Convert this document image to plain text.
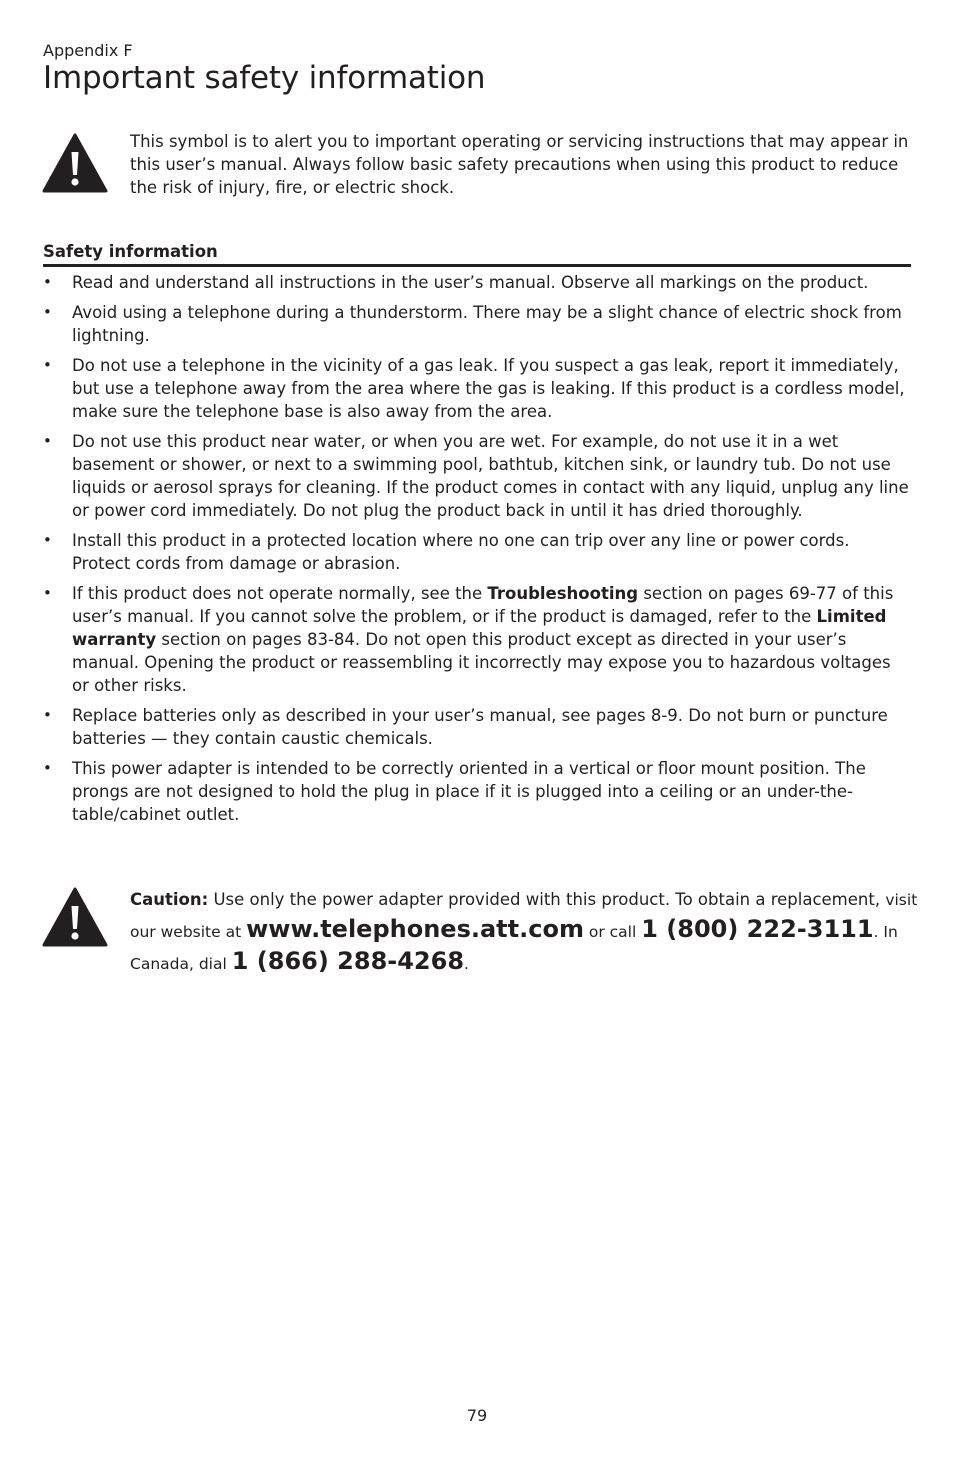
Appendix F
Important safety information

This symbol is to alert you to important operating or servicing instructions that may appear in this user’s manual. Always follow basic safety precautions when using this product to reduce the risk of injury, fire, or electric shock.

Safety information
• Read and understand all instructions in the user’s manual. Observe all markings on the product.
• Avoid using a telephone during a thunderstorm. There may be a slight chance of electric shock from lightning.
• Do not use a telephone in the vicinity of a gas leak. If you suspect a gas leak, report it immediately, but use a telephone away from the area where the gas is leaking. If this product is a cordless model, make sure the telephone base is also away from the area.
• Do not use this product near water, or when you are wet. For example, do not use it in a wet basement or shower, or next to a swimming pool, bathtub, kitchen sink, or laundry tub. Do not use liquids or aerosol sprays for cleaning. If the product comes in contact with any liquid, unplug any line or power cord immediately. Do not plug the product back in until it has dried thoroughly.
• Install this product in a protected location where no one can trip over any line or power cords. Protect cords from damage or abrasion.
• If this product does not operate normally, see the Troubleshooting section on pages 69-77 of this user’s manual. If you cannot solve the problem, or if the product is damaged, refer to the Limited warranty section on pages 83-84. Do not open this product except as directed in your user’s manual. Opening the product or reassembling it incorrectly may expose you to hazardous voltages or other risks.
• Replace batteries only as described in your user’s manual, see pages 8-9. Do not burn or puncture batteries — they contain caustic chemicals.
• This power adapter is intended to be correctly oriented in a vertical or floor mount position. The prongs are not designed to hold the plug in place if it is plugged into a ceiling or an under-the-table/cabinet outlet.

Caution: Use only the power adapter provided with this product. To obtain a replacement, visit our website at www.telephones.att.com or call 1 (800) 222-3111. In Canada, dial 1 (866) 288-4268.

79
